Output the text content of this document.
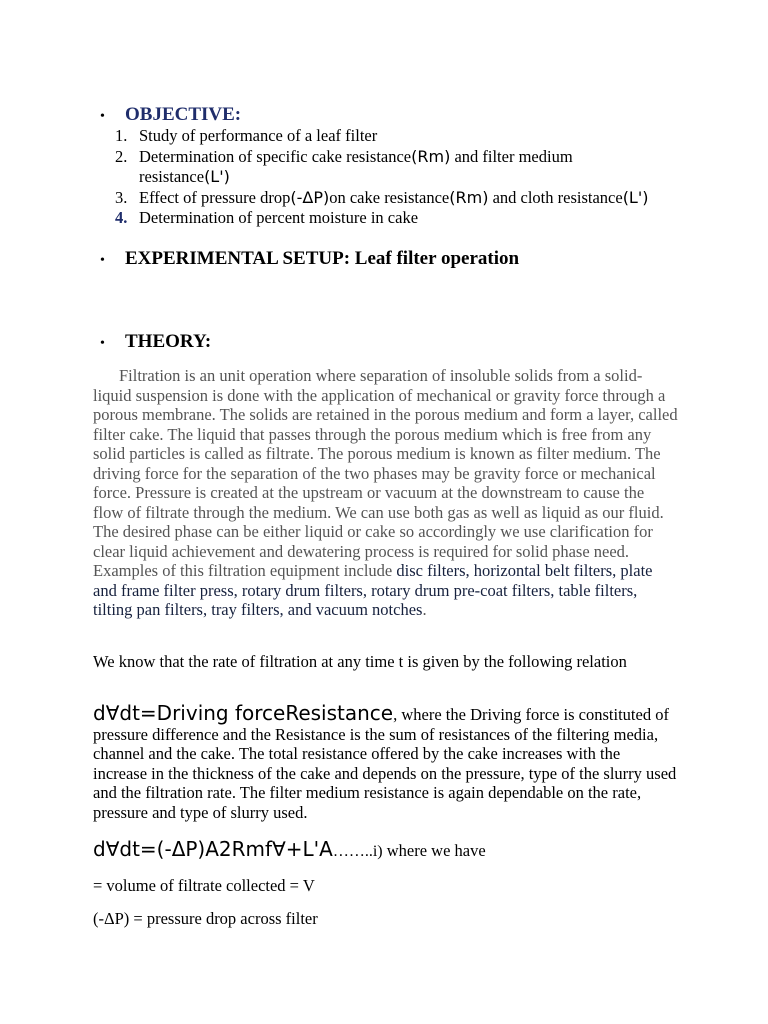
•	OBJECTIVE:
1. Study of performance of a leaf filter
2. Determination of specific cake resistance(Rm) and filter medium resistance(L')
3. Effect of pressure drop(-ΔP)on cake resistance(Rm) and cloth resistance(L')
4. Determination of percent moisture in cake
•	EXPERIMENTAL SETUP: Leaf filter operation
•	THEORY:

Filtration is an unit operation where separation of insoluble solids from a solid-liquid suspension is done with the application of mechanical or gravity force through a porous membrane. The solids are retained in the porous medium and form a layer, called filter cake. The liquid that passes through the porous medium which is free from any solid particles is called as filtrate. The porous medium is known as filter medium. The driving force for the separation of the two phases may be gravity force or mechanical force. Pressure is created at the upstream or vacuum at the downstream to cause the flow of filtrate through the medium. We can use both gas as well as liquid as our fluid. The desired phase can be either liquid or cake so accordingly we use clarification for clear liquid achievement and dewatering process is required for solid phase need. Examples of this filtration equipment include disc filters, horizontal belt filters, plate and frame filter press, rotary drum filters, rotary drum pre-coat filters, table filters, tilting pan filters, tray filters, and vacuum notches.

We know that the rate of filtration at any time t is given by the following relation

d∀dt=Driving forceResistance, where the Driving force is constituted of pressure difference and the Resistance is the sum of resistances of the filtering media, channel and the cake. The total resistance offered by the cake increases with the increase in the thickness of the cake and depends on the pressure, type of the slurry used and the filtration rate. The filter medium resistance is again dependable on the rate, pressure and type of slurry used.

d∀dt=(-ΔP)A2Rmf∀+L'A……..i) where we have

= volume of filtrate collected = V

(-ΔP) = pressure drop across filter
